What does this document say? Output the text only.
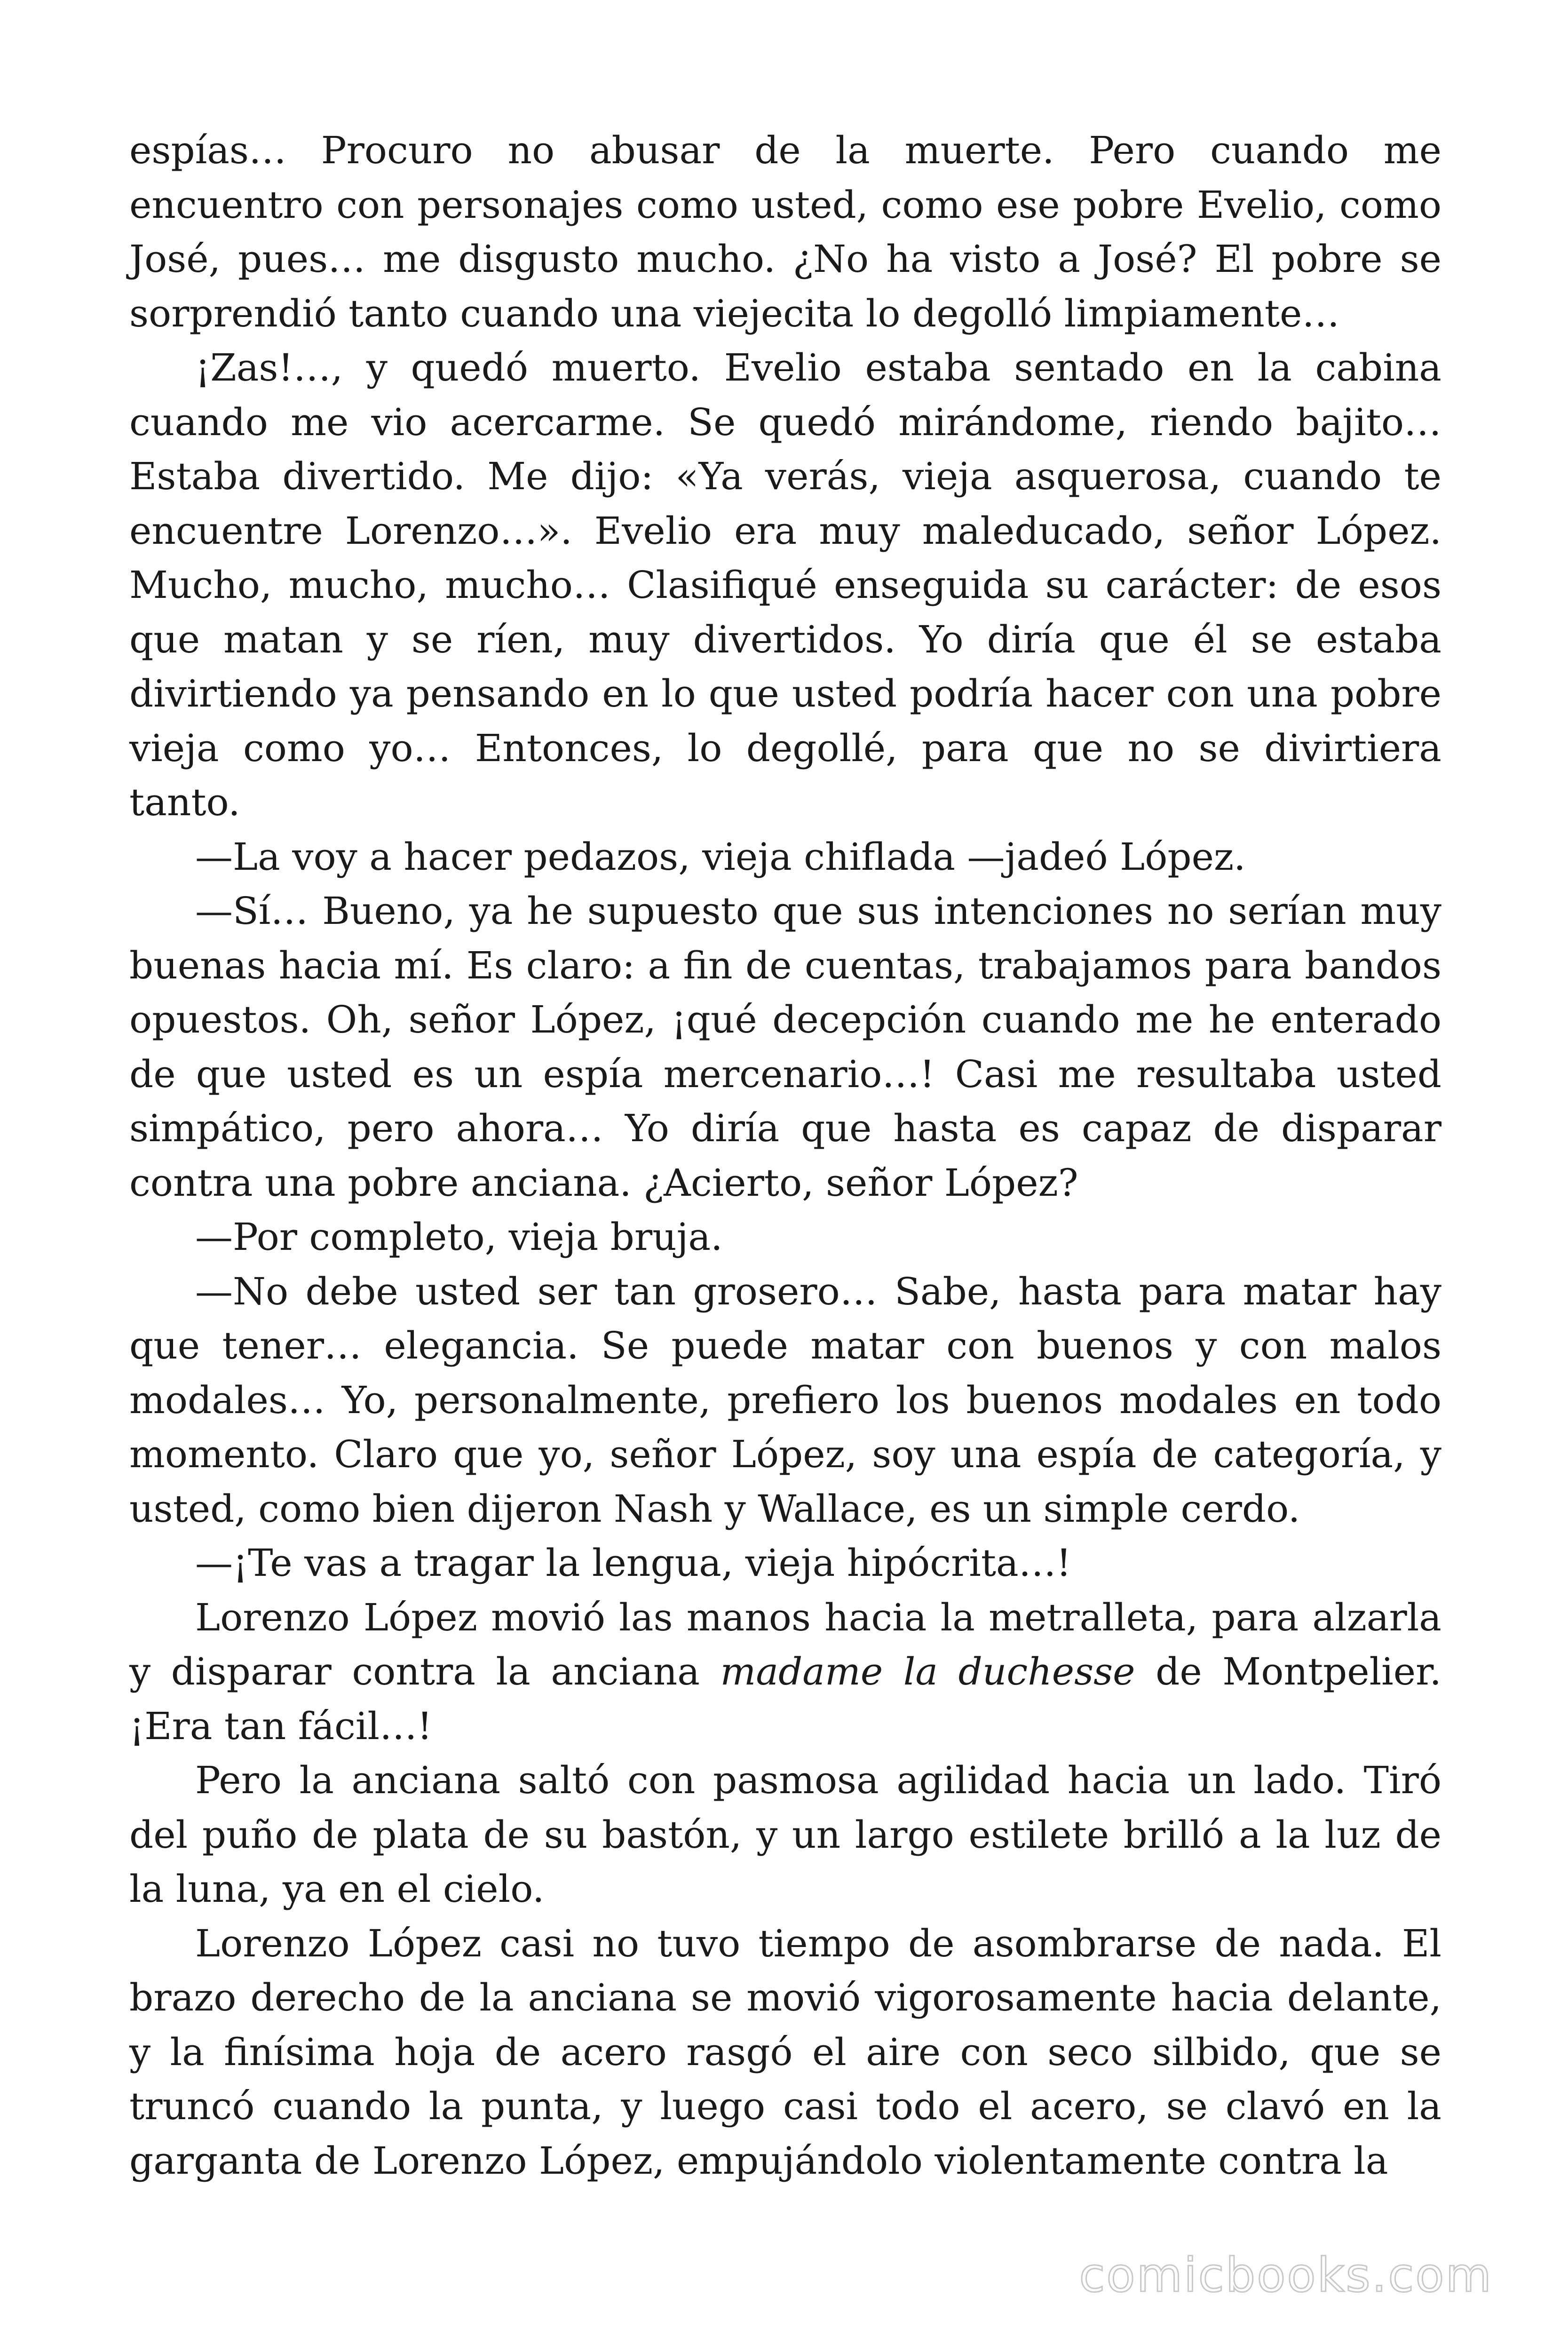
espías… Procuro no abusar de la muerte. Pero cuando me encuentro con personajes como usted, como ese pobre Evelio, como José, pues… me disgusto mucho. ¿No ha visto a José? El pobre se sorprendió tanto cuando una viejecita lo degolló limpiamente…

¡Zas!…, y quedó muerto. Evelio estaba sentado en la cabina cuando me vio acercarme. Se quedó mirándome, riendo bajito… Estaba divertido. Me dijo: «Ya verás, vieja asquerosa, cuando te encuentre Lorenzo…». Evelio era muy maleducado, señor López. Mucho, mucho, mucho… Clasifiqué enseguida su carácter: de esos que matan y se ríen, muy divertidos. Yo diría que él se estaba divirtiendo ya pensando en lo que usted podría hacer con una pobre vieja como yo… Entonces, lo degollé, para que no se divirtiera tanto.

—La voy a hacer pedazos, vieja chiflada —jadeó López.

—Sí… Bueno, ya he supuesto que sus intenciones no serían muy buenas hacia mí. Es claro: a fin de cuentas, trabajamos para bandos opuestos. Oh, señor López, ¡qué decepción cuando me he enterado de que usted es un espía mercenario…! Casi me resultaba usted simpático, pero ahora… Yo diría que hasta es capaz de disparar contra una pobre anciana. ¿Acierto, señor López?

—Por completo, vieja bruja.

—No debe usted ser tan grosero… Sabe, hasta para matar hay que tener… elegancia. Se puede matar con buenos y con malos modales… Yo, personalmente, prefiero los buenos modales en todo momento. Claro que yo, señor López, soy una espía de categoría, y usted, como bien dijeron Nash y Wallace, es un simple cerdo.

—¡Te vas a tragar la lengua, vieja hipócrita…!

Lorenzo López movió las manos hacia la metralleta, para alzarla y disparar contra la anciana madame la duchesse de Montpelier. ¡Era tan fácil…!

Pero la anciana saltó con pasmosa agilidad hacia un lado. Tiró del puño de plata de su bastón, y un largo estilete brilló a la luz de la luna, ya en el cielo.

Lorenzo López casi no tuvo tiempo de asombrarse de nada. El brazo derecho de la anciana se movió vigorosamente hacia delante, y la finísima hoja de acero rasgó el aire con seco silbido, que se truncó cuando la punta, y luego casi todo el acero, se clavó en la garganta de Lorenzo López, empujándolo violentamente contra la

comicbooks.com
